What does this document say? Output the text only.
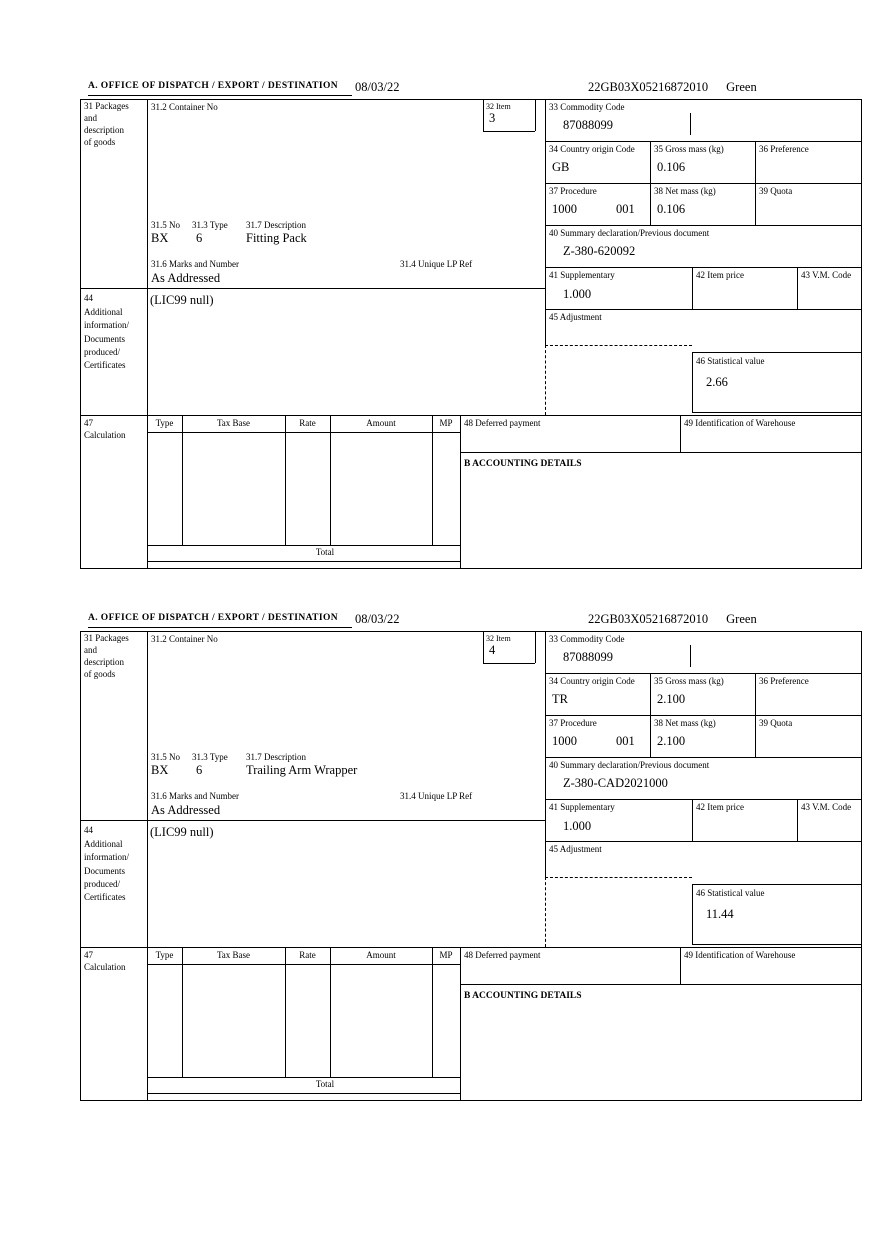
A. OFFICE OF DISPATCH / EXPORT / DESTINATION 08/03/22	22GB03X05216872010 Green
31 Packages
and
description
of goods
44
Additional
information/
Documents
produced/
Certificates
47
Calculation
31.2 Container No	32 Item
3
31.5 No 31.3 Type 31.7 Description
BX 6	Fitting Pack
31.6 Marks and Number	31.4 Unique LP Ref
As Addressed
(LIC99 null)
33 Commodity Code
87088099
34 Country origin Code
GB
35 Gross mass (kg)
0.106
36 Preference
37 Procedure
1000	001
38 Net mass (kg)
0.106
39 Quota
40 Summary declaration/Previous document
Z-380-620092
41 Supplementary
1.000
42 Item price	43 V.M. Code
45 Adjustment
46 Statistical value
2.66
Type	Tax Base	Rate	Amount	MP
Total
48 Deferred payment	49 Identification of Warehouse
B ACCOUNTING DETAILS
A. OFFICE OF DISPATCH / EXPORT / DESTINATION 08/03/22	22GB03X05216872010 Green
31 Packages
and
description
of goods
44
Additional
information/
Documents
produced/
Certificates
47
Calculation
31.2 Container No	32 Item
4
31.5 No 31.3 Type 31.7 Description
BX 6	Trailing Arm Wrapper
31.6 Marks and Number	31.4 Unique LP Ref
As Addressed
(LIC99 null)
33 Commodity Code
87088099
34 Country origin Code
TR
35 Gross mass (kg)
2.100
36 Preference
37 Procedure
1000	001
38 Net mass (kg)
2.100
39 Quota
40 Summary declaration/Previous document
Z-380-CAD2021000
41 Supplementary
1.000
42 Item price	43 V.M. Code
45 Adjustment
46 Statistical value
11.44
Type	Tax Base	Rate	Amount	MP
Total
48 Deferred payment	49 Identification of Warehouse
B ACCOUNTING DETAILS
